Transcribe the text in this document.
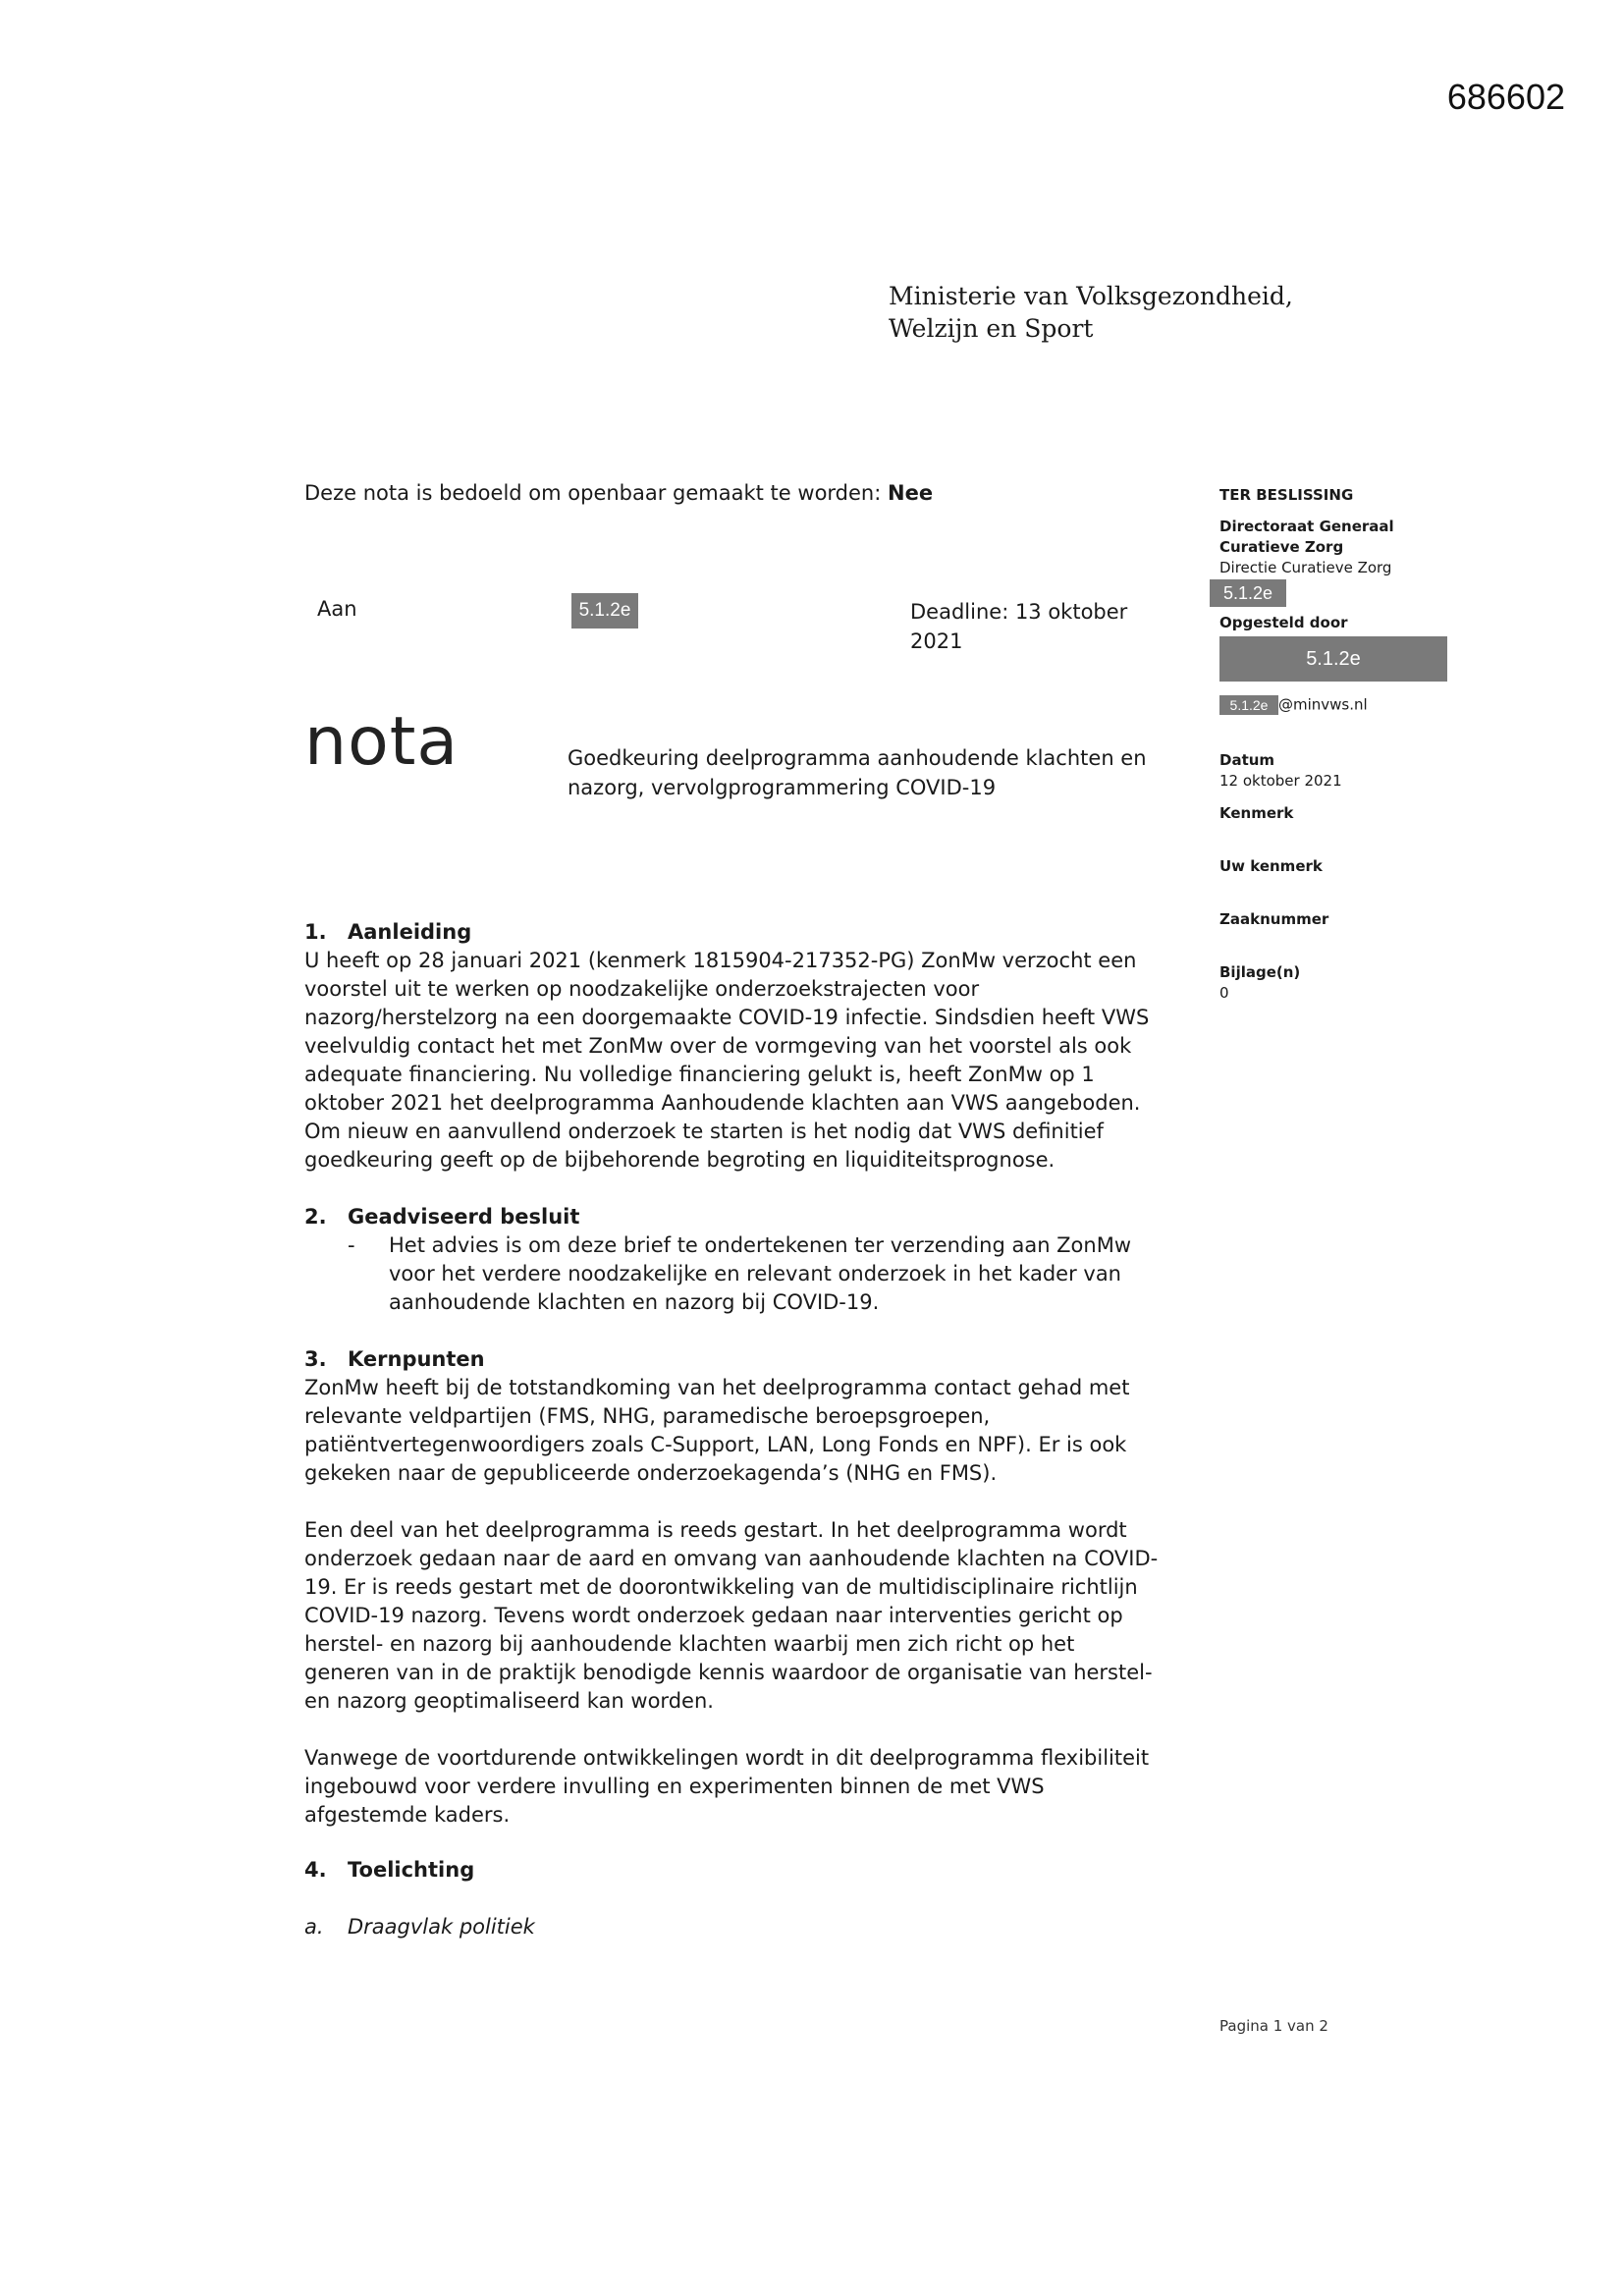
686602
Ministerie van Volksgezondheid,
Welzijn en Sport
Deze nota is bedoeld om openbaar gemaakt te worden: Nee
Aan	5.1.2e	Deadline: 13 oktober
2021
nota	Goedkeuring deelprogramma aanhoudende klachten en
nazorg, vervolgprogrammering COVID-19
TER BESLISSING
Directoraat Generaal
Curatieve Zorg
Directie Curatieve Zorg
5.1.2e
Opgesteld door
5.1.2e
5.1.2e @minvws.nl
Datum
12 oktober 2021
Kenmerk
Uw kenmerk
Zaaknummer
Bijlage(n)
0
1. Aanleiding
U heeft op 28 januari 2021 (kenmerk 1815904-217352-PG) ZonMw verzocht een
voorstel uit te werken op noodzakelijke onderzoekstrajecten voor
nazorg/herstelzorg na een doorgemaakte COVID-19 infectie. Sindsdien heeft VWS
veelvuldig contact het met ZonMw over de vormgeving van het voorstel als ook
adequate financiering. Nu volledige financiering gelukt is, heeft ZonMw op 1
oktober 2021 het deelprogramma Aanhoudende klachten aan VWS aangeboden.
Om nieuw en aanvullend onderzoek te starten is het nodig dat VWS definitief
goedkeuring geeft op de bijbehorende begroting en liquiditeitsprognose.
2. Geadviseerd besluit
- Het advies is om deze brief te ondertekenen ter verzending aan ZonMw
voor het verdere noodzakelijke en relevant onderzoek in het kader van
aanhoudende klachten en nazorg bij COVID-19.
3. Kernpunten
ZonMw heeft bij de totstandkoming van het deelprogramma contact gehad met
relevante veldpartijen (FMS, NHG, paramedische beroepsgroepen,
patiëntvertegenwoordigers zoals C-Support, LAN, Long Fonds en NPF). Er is ook
gekeken naar de gepubliceerde onderzoekagenda’s (NHG en FMS).
Een deel van het deelprogramma is reeds gestart. In het deelprogramma wordt
onderzoek gedaan naar de aard en omvang van aanhoudende klachten na COVID-
19. Er is reeds gestart met de doorontwikkeling van de multidisciplinaire richtlijn
COVID-19 nazorg. Tevens wordt onderzoek gedaan naar interventies gericht op
herstel- en nazorg bij aanhoudende klachten waarbij men zich richt op het
generen van in de praktijk benodigde kennis waardoor de organisatie van herstel-
en nazorg geoptimaliseerd kan worden.
Vanwege de voortdurende ontwikkelingen wordt in dit deelprogramma flexibiliteit
ingebouwd voor verdere invulling en experimenten binnen de met VWS
afgestemde kaders.
4. Toelichting
a. Draagvlak politiek
Pagina 1 van 2
